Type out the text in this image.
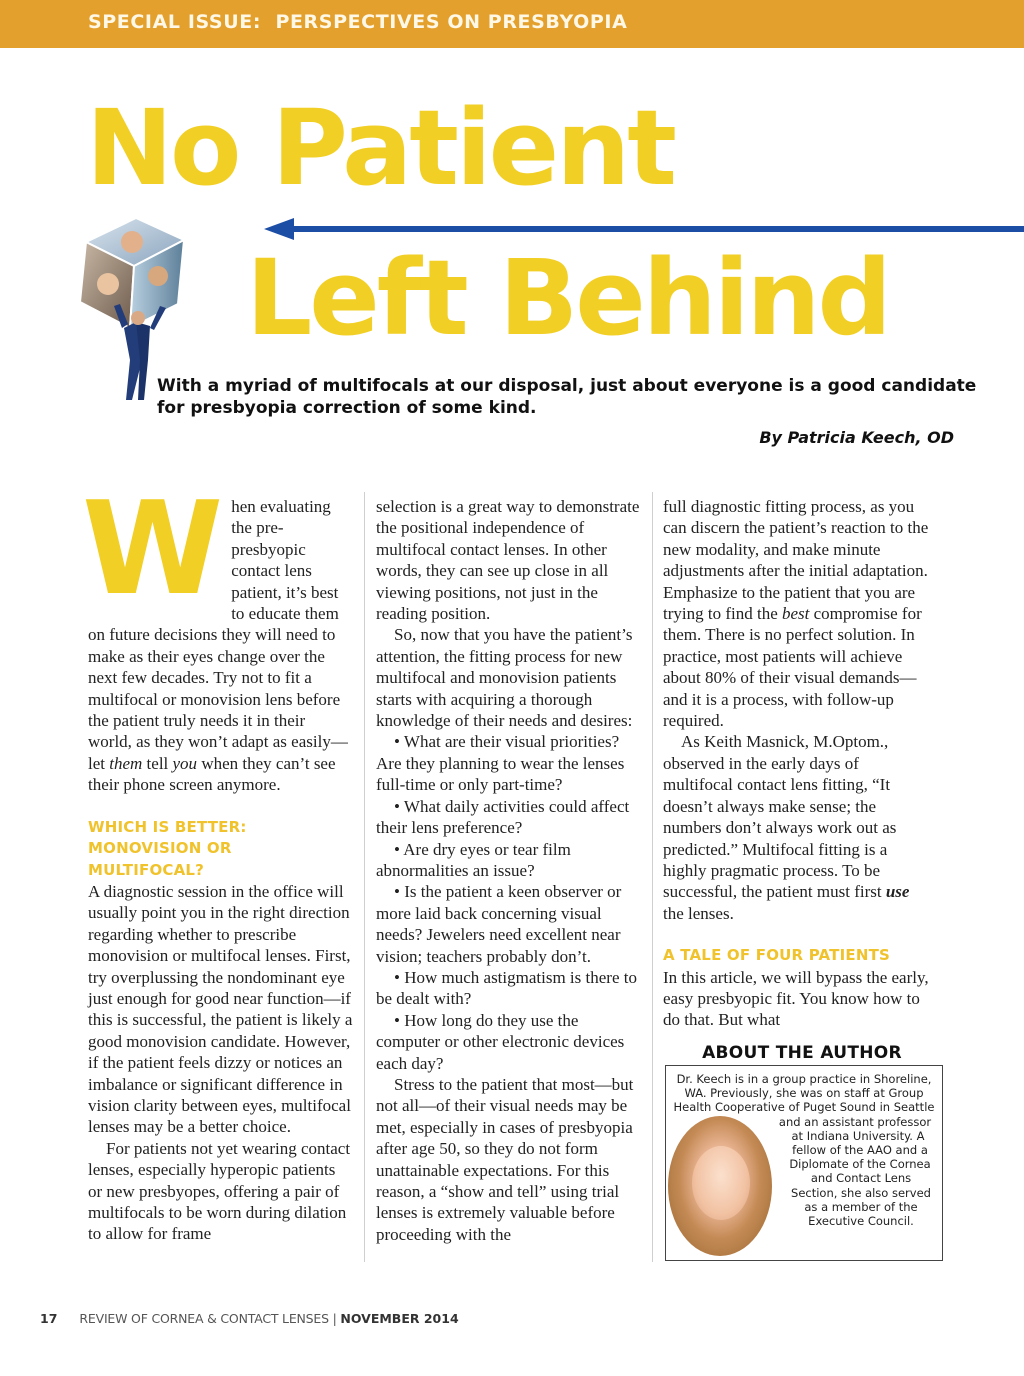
SPECIAL ISSUE:  PERSPECTIVES ON PRESBYOPIA
No Patient
Left Behind
With a myriad of multifocals at our disposal, just about everyone is a good candidate for presbyopia correction of some kind.
By Patricia Keech, OD
W hen evaluating the pre-presbyopic contact lens patient, it’s best to educate them on future decisions they will need to make as their eyes change over the next few decades. Try not to fit a multifocal or monovision lens before the patient truly needs it in their world, as they won’t adapt as easily—let them tell you when they can’t see their phone screen anymore.

WHICH IS BETTER: MONOVISION OR MULTIFOCAL?

A diagnostic session in the office will usually point you in the right direction regarding whether to prescribe monovision or multifocal lenses. First, try overplussing the nondominant eye just enough for good near function—if this is successful, the patient is likely a good monovision candidate. However, if the patient feels dizzy or notices an imbalance or significant difference in vision clarity between eyes, multifocal lenses may be a better choice.

For patients not yet wearing contact lenses, especially hyperopic patients or new presbyopes, offering a pair of multifocals to be worn during dilation to allow for frame

selection is a great way to demonstrate the positional independence of multifocal contact lenses. In other words, they can see up close in all viewing positions, not just in the reading position.

So, now that you have the patient’s attention, the fitting process for new multifocal and monovision patients starts with acquiring a thorough knowledge of their needs and desires:

• What are their visual priorities? Are they planning to wear the lenses full-time or only part-time?

• What daily activities could affect their lens preference?

• Are dry eyes or tear film abnormalities an issue?

• Is the patient a keen observer or more laid back concerning visual needs? Jewelers need excellent near vision; teachers probably don’t.

• How much astigmatism is there to be dealt with?

• How long do they use the computer or other electronic devices each day?

Stress to the patient that most—but not all—of their visual needs may be met, especially in cases of presbyopia after age 50, so they do not form unattainable expectations. For this reason, a “show and tell” using trial lenses is extremely valuable before proceeding with the

full diagnostic fitting process, as you can discern the patient’s reaction to the new modality, and make minute adjustments after the initial adaptation. Emphasize to the patient that you are trying to find the best compromise for them. There is no perfect solution. In practice, most patients will achieve about 80% of their visual demands—and it is a process, with follow-up required.

As Keith Masnick, M.Optom., observed in the early days of multifocal contact lens fitting, “It doesn’t always make sense; the numbers don’t always work out as predicted.” Multifocal fitting is a highly pragmatic process. To be successful, the patient must first use the lenses.

A TALE OF FOUR PATIENTS

In this article, we will bypass the early, easy presbyopic fit. You know how to do that. But what

ABOUT THE AUTHOR
Dr. Keech is in a group practice in Shoreline, WA. Previously, she was on staff at Group Health Cooperative of Puget Sound in Seattle and an assistant professor at Indiana University. A fellow of the AAO and a Diplomate of the Cornea and Contact Lens Section, she also served as a member of the Executive Council.
17 REVIEW OF CORNEA & CONTACT LENSES | NOVEMBER 2014
